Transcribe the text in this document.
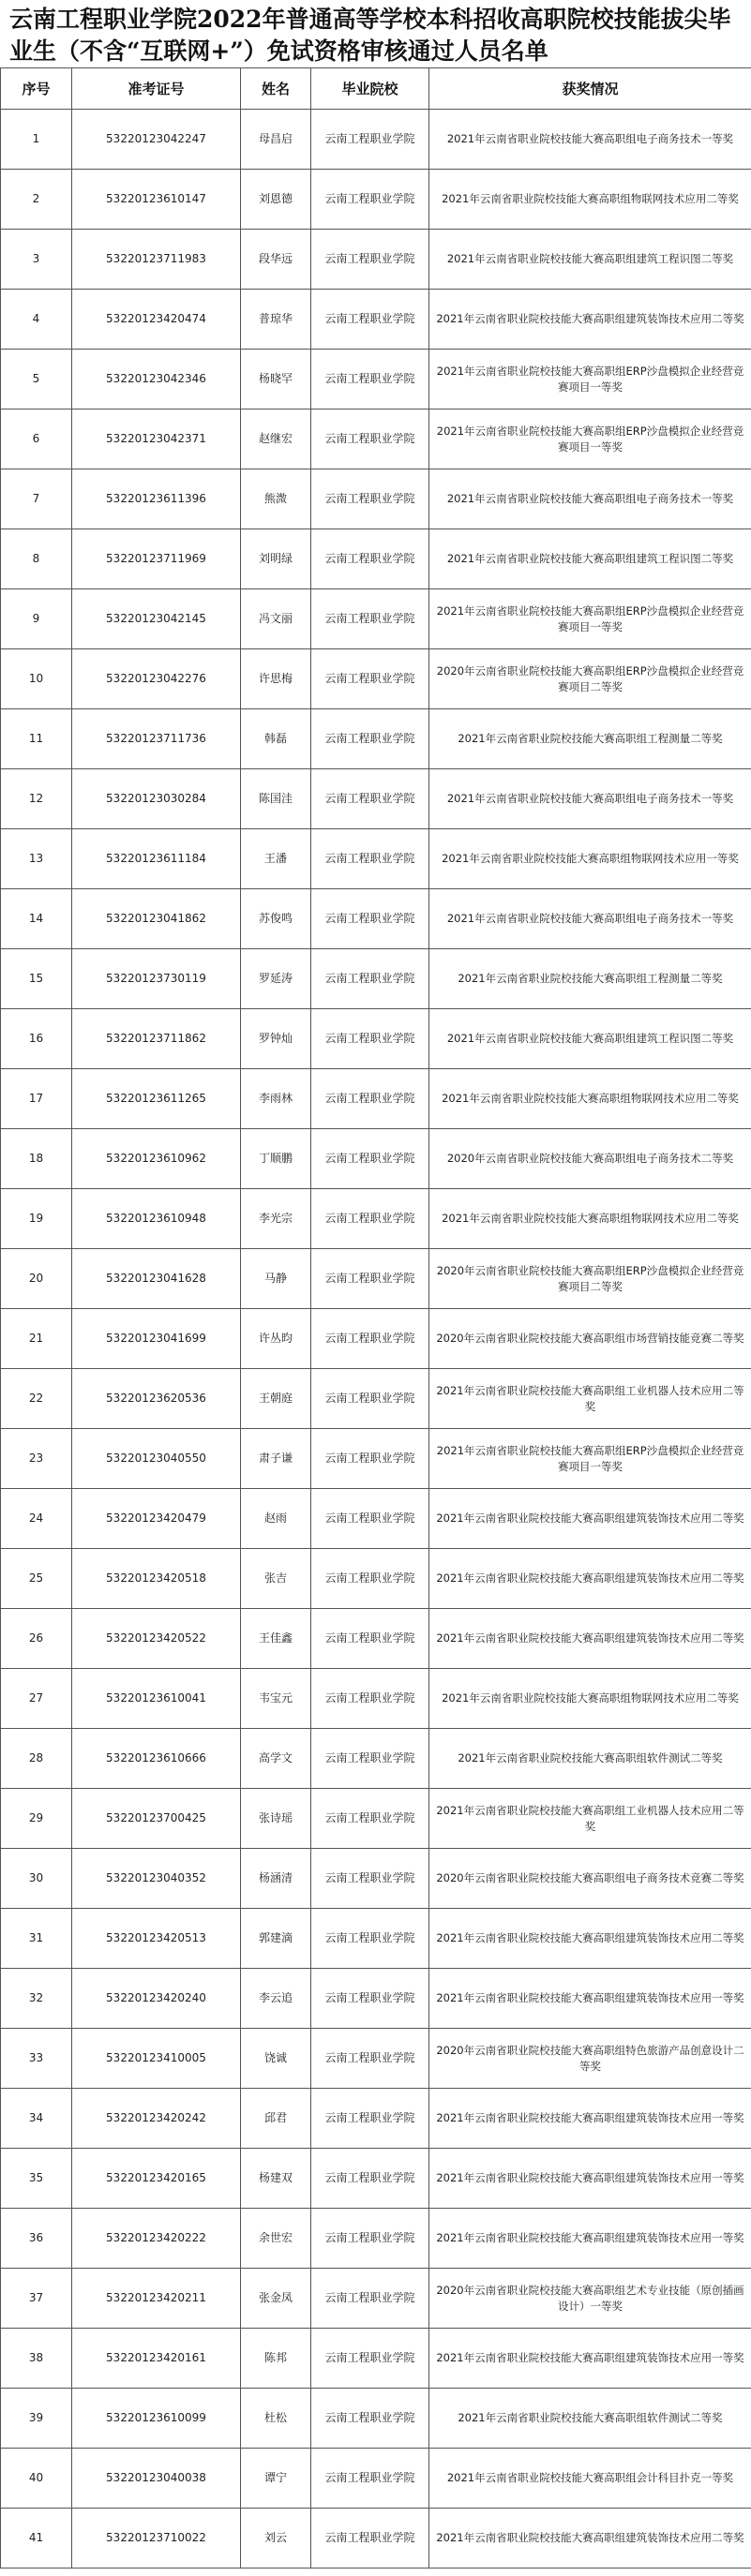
云南工程职业学院2022年普通高等学校本科招收高职院校技能拔尖毕业生（不含“互联网+”）免试资格审核通过人员名单
序号	准考证号	姓名	毕业院校	获奖情况
1	53220123042247	母昌启	云南工程职业学院	2021年云南省职业院校技能大赛高职组电子商务技术一等奖
2	53220123610147	刘恩德	云南工程职业学院	2021年云南省职业院校技能大赛高职组物联网技术应用二等奖
3	53220123711983	段华远	云南工程职业学院	2021年云南省职业院校技能大赛高职组建筑工程识图二等奖
4	53220123420474	普琼华	云南工程职业学院	2021年云南省职业院校技能大赛高职组建筑装饰技术应用二等奖
5	53220123042346	杨晓罕	云南工程职业学院	2021年云南省职业院校技能大赛高职组ERP沙盘模拟企业经营竞赛项目一等奖
6	53220123042371	赵继宏	云南工程职业学院	2021年云南省职业院校技能大赛高职组ERP沙盘模拟企业经营竞赛项目一等奖
7	53220123611396	熊溦	云南工程职业学院	2021年云南省职业院校技能大赛高职组电子商务技术一等奖
8	53220123711969	刘明绿	云南工程职业学院	2021年云南省职业院校技能大赛高职组建筑工程识图二等奖
9	53220123042145	冯文丽	云南工程职业学院	2021年云南省职业院校技能大赛高职组ERP沙盘模拟企业经营竞赛项目一等奖
10	53220123042276	许思梅	云南工程职业学院	2020年云南省职业院校技能大赛高职组ERP沙盘模拟企业经营竞赛项目二等奖
11	53220123711736	韩磊	云南工程职业学院	2021年云南省职业院校技能大赛高职组工程测量二等奖
12	53220123030284	陈国洼	云南工程职业学院	2021年云南省职业院校技能大赛高职组电子商务技术一等奖
13	53220123611184	王潘	云南工程职业学院	2021年云南省职业院校技能大赛高职组物联网技术应用一等奖
14	53220123041862	苏俊鸣	云南工程职业学院	2021年云南省职业院校技能大赛高职组电子商务技术一等奖
15	53220123730119	罗延涛	云南工程职业学院	2021年云南省职业院校技能大赛高职组工程测量二等奖
16	53220123711862	罗钟灿	云南工程职业学院	2021年云南省职业院校技能大赛高职组建筑工程识图二等奖
17	53220123611265	李雨林	云南工程职业学院	2021年云南省职业院校技能大赛高职组物联网技术应用二等奖
18	53220123610962	丁顺鹏	云南工程职业学院	2020年云南省职业院校技能大赛高职组电子商务技术二等奖
19	53220123610948	李光宗	云南工程职业学院	2021年云南省职业院校技能大赛高职组物联网技术应用二等奖
20	53220123041628	马静	云南工程职业学院	2020年云南省职业院校技能大赛高职组ERP沙盘模拟企业经营竞赛项目二等奖
21	53220123041699	许丛昀	云南工程职业学院	2020年云南省职业院校技能大赛高职组市场营销技能竞赛二等奖
22	53220123620536	王朝庭	云南工程职业学院	2021年云南省职业院校技能大赛高职组工业机器人技术应用二等奖
23	53220123040550	肃子谦	云南工程职业学院	2021年云南省职业院校技能大赛高职组ERP沙盘模拟企业经营竞赛项目一等奖
24	53220123420479	赵雨	云南工程职业学院	2021年云南省职业院校技能大赛高职组建筑装饰技术应用二等奖
25	53220123420518	张吉	云南工程职业学院	2021年云南省职业院校技能大赛高职组建筑装饰技术应用二等奖
26	53220123420522	王佳鑫	云南工程职业学院	2021年云南省职业院校技能大赛高职组建筑装饰技术应用二等奖
27	53220123610041	韦宝元	云南工程职业学院	2021年云南省职业院校技能大赛高职组物联网技术应用二等奖
28	53220123610666	高学文	云南工程职业学院	2021年云南省职业院校技能大赛高职组软件测试二等奖
29	53220123700425	张诗瑶	云南工程职业学院	2021年云南省职业院校技能大赛高职组工业机器人技术应用二等奖
30	53220123040352	杨涵清	云南工程职业学院	2020年云南省职业院校技能大赛高职组电子商务技术竞赛二等奖
31	53220123420513	郭建滴	云南工程职业学院	2021年云南省职业院校技能大赛高职组建筑装饰技术应用二等奖
32	53220123420240	李云追	云南工程职业学院	2021年云南省职业院校技能大赛高职组建筑装饰技术应用一等奖
33	53220123410005	饶诚	云南工程职业学院	2020年云南省职业院校技能大赛高职组特色旅游产品创意设计二等奖
34	53220123420242	邱君	云南工程职业学院	2021年云南省职业院校技能大赛高职组建筑装饰技术应用一等奖
35	53220123420165	杨建双	云南工程职业学院	2021年云南省职业院校技能大赛高职组建筑装饰技术应用一等奖
36	53220123420222	余世宏	云南工程职业学院	2021年云南省职业院校技能大赛高职组建筑装饰技术应用一等奖
37	53220123420211	张金凤	云南工程职业学院	2020年云南省职业院校技能大赛高职组艺术专业技能（原创插画设计）一等奖
38	53220123420161	陈邦	云南工程职业学院	2021年云南省职业院校技能大赛高职组建筑装饰技术应用一等奖
39	53220123610099	杜松	云南工程职业学院	2021年云南省职业院校技能大赛高职组软件测试二等奖
40	53220123040038	谭宁	云南工程职业学院	2021年云南省职业院校技能大赛高职组会计科目扑克一等奖
41	53220123710022	刘云	云南工程职业学院	2021年云南省职业院校技能大赛高职组建筑装饰技术应用二等奖
